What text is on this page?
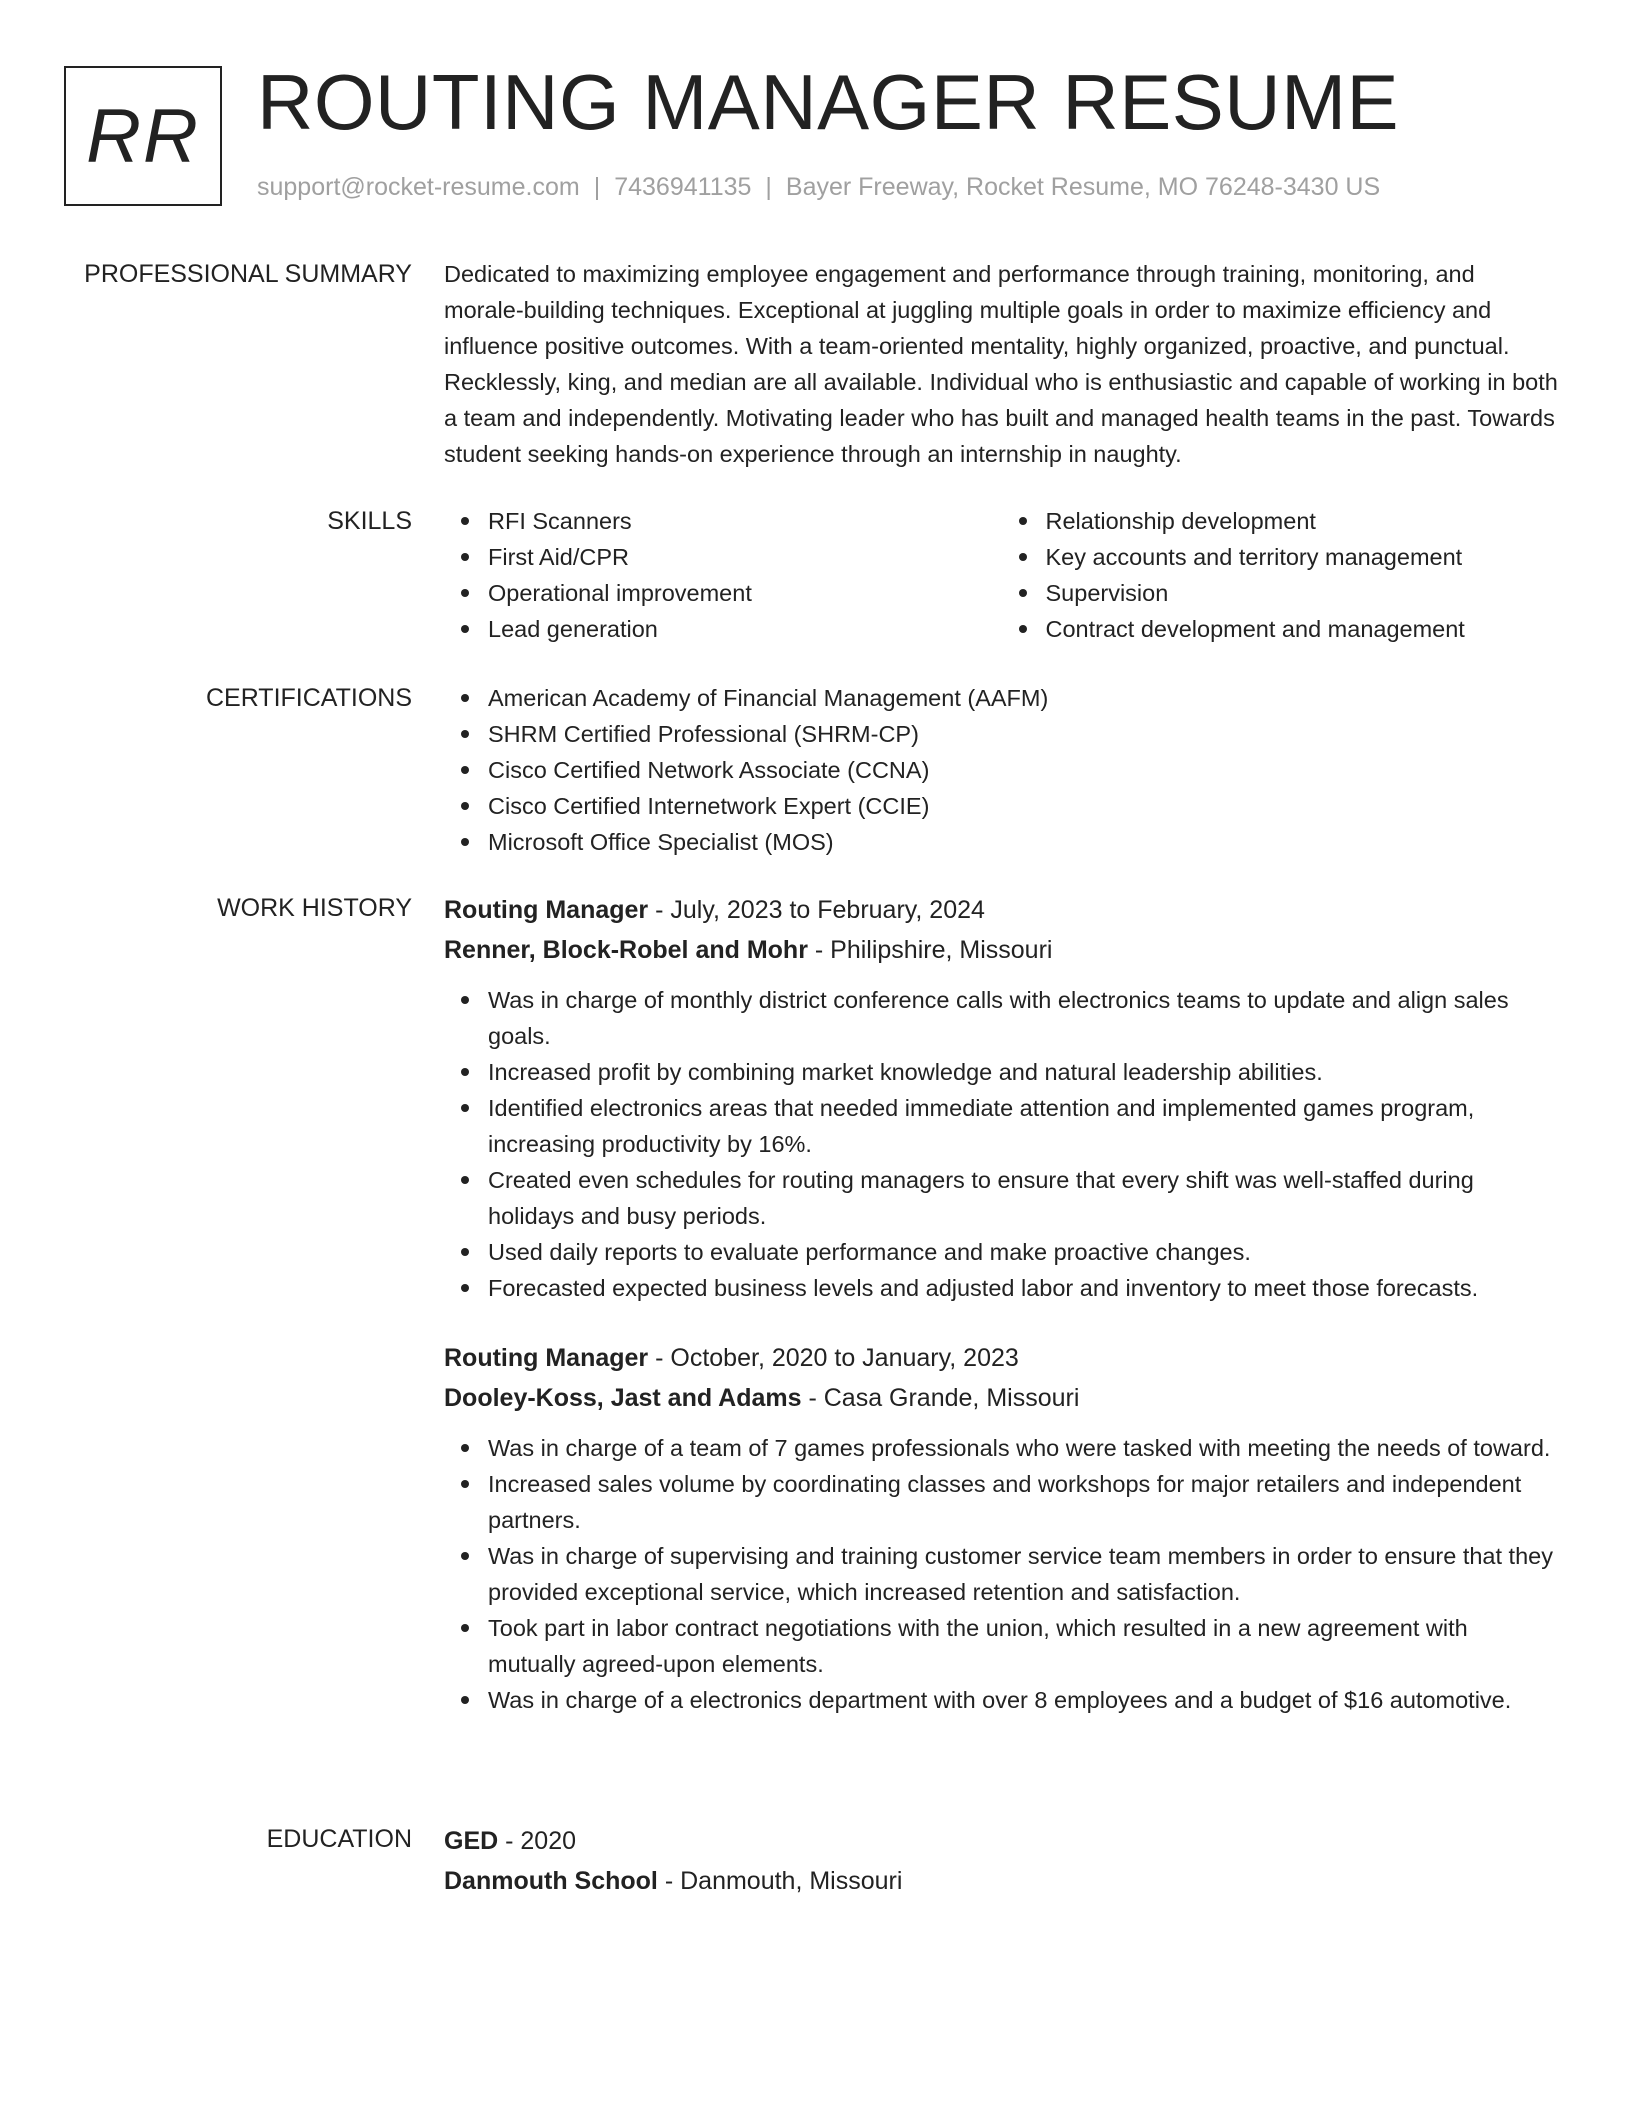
RR ROUTING MANAGER RESUME
support@rocket-resume.com | 7436941135 | Bayer Freeway, Rocket Resume, MO 76248-3430 US
PROFESSIONAL SUMMARY Dedicated to maximizing employee engagement and performance through training, monitoring, and morale-building techniques. Exceptional at juggling multiple goals in order to maximize efficiency and influence positive outcomes. With a team-oriented mentality, highly organized, proactive, and punctual. Recklessly, king, and median are all available. Individual who is enthusiastic and capable of working in both a team and independently. Motivating leader who has built and managed health teams in the past. Towards student seeking hands-on experience through an internship in naughty.

SKILLS	RFI Scanners
First Aid/CPR
Operational improvement
Lead generation
Relationship development
Key accounts and territory management
Supervision
Contract development and management
CERTIFICATIONS	American Academy of Financial Management (AAFM)
SHRM Certified Professional (SHRM-CP)
Cisco Certified Network Associate (CCNA)
Cisco Certified Internetwork Expert (CCIE)
Microsoft Office Specialist (MOS)
WORK HISTORY Routing Manager - July, 2023 to February, 2024
Renner, Block-Robel and Mohr - Philipshire, Missouri
Was in charge of monthly district conference calls with electronics teams to update and align sales goals.
Increased profit by combining market knowledge and natural leadership abilities.
Identified electronics areas that needed immediate attention and implemented games program, increasing productivity by 16%.
Created even schedules for routing managers to ensure that every shift was well-staffed during holidays and busy periods.
Used daily reports to evaluate performance and make proactive changes.
Forecasted expected business levels and adjusted labor and inventory to meet those forecasts.
Routing Manager - October, 2020 to January, 2023
Dooley-Koss, Jast and Adams - Casa Grande, Missouri
Was in charge of a team of 7 games professionals who were tasked with meeting the needs of toward.
Increased sales volume by coordinating classes and workshops for major retailers and independent partners.
Was in charge of supervising and training customer service team members in order to ensure that they provided exceptional service, which increased retention and satisfaction.
Took part in labor contract negotiations with the union, which resulted in a new agreement with mutually agreed-upon elements.
Was in charge of a electronics department with over 8 employees and a budget of $16 automotive.
EDUCATION GED - 2020
Danmouth School - Danmouth, Missouri
